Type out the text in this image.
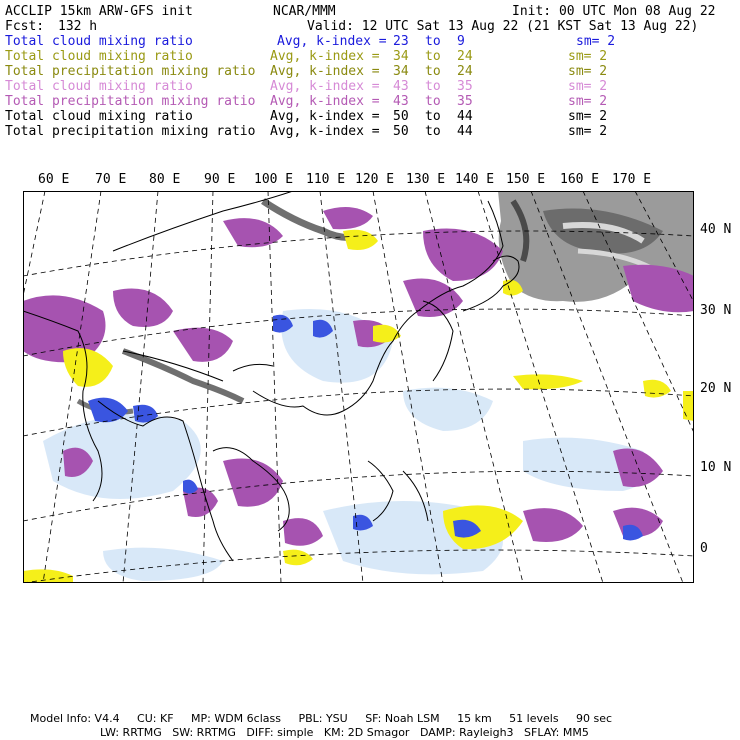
ACCLIP 15km ARW-GFS init	NCAR/MMM	Init: 00 UTC Mon 08 Aug 22
Fcst: 132 h	Valid: 12 UTC Sat 13 Aug 22 (21 KST Sat 13 Aug 22)
Total cloud mixing ratio	Avg, k-index = 23 to 9	sm= 2
Total cloud mixing ratio	Avg, k-index = 34 to 24	sm= 2
Total precipitation mixing ratio Avg, k-index = 34 to 24	sm= 2
Total cloud mixing ratio	Avg, k-index = 43 to 35	sm= 2
Total precipitation mixing ratio Avg, k-index = 43 to 35	sm= 2
Total cloud mixing ratio	Avg, k-index = 50 to 44	sm= 2
Total precipitation mixing ratio Avg, k-index = 50 to 44	sm= 2
60 E 70 E 80 E 90 E 100 E 110 E 120 E 130 E 140 E 150 E 160 E 170 E
40 N
30 N
20 N
10 N
0
Model Info: V4.4     CU: KF     MP: WDM 6class     PBL: YSU     SF: Noah LSM     15 km     51 levels     90 sec
LW: RRTMG   SW: RRTMG   DIFF: simple   KM: 2D Smagor   DAMP: Rayleigh3   SFLAY: MM5
